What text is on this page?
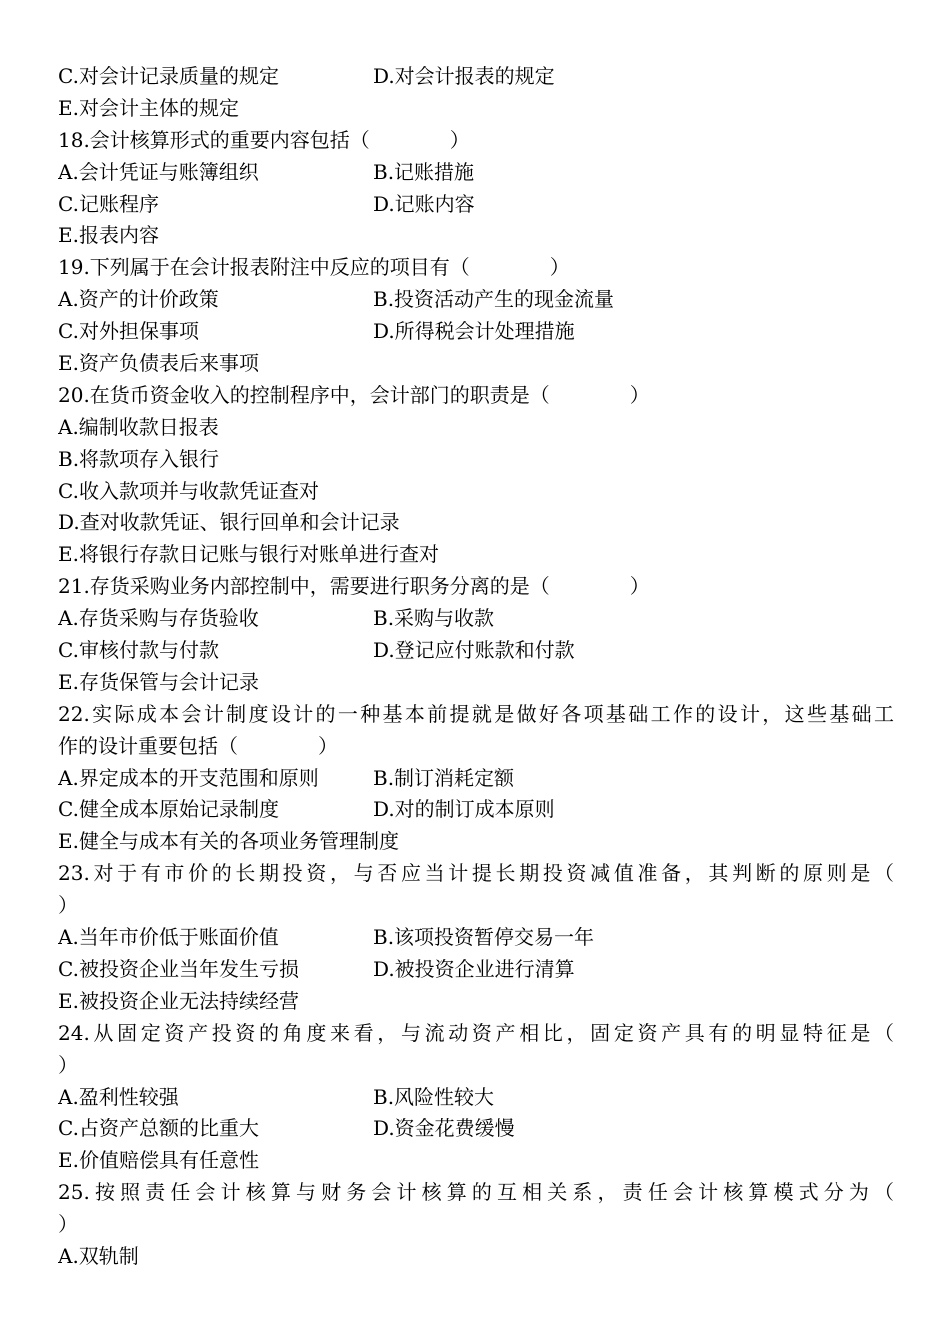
C.对会计记录质量的规定	D.对会计报表的规定
E.对会计主体的规定
18.会计核算形式的重要内容包括（　　　　）
A.会计凭证与账簿组织	B.记账措施
C.记账程序	D.记账内容
E.报表内容
19.下列属于在会计报表附注中反应的项目有（　　　　）
A.资产的计价政策	B.投资活动产生的现金流量
C.对外担保事项	D.所得税会计处理措施
E.资产负债表后来事项
20.在货币资金收入的控制程序中，会计部门的职责是（　　　　）
A.编制收款日报表
B.将款项存入银行
C.收入款项并与收款凭证查对
D.查对收款凭证、银行回单和会计记录
E.将银行存款日记账与银行对账单进行查对
21.存货采购业务内部控制中，需要进行职务分离的是（　　　　）
A.存货采购与存货验收	B.采购与收款
C.审核付款与付款	D.登记应付账款和付款
E.存货保管与会计记录
22.实际成本会计制度设计的一种基本前提就是做好各项基础工作的设计，这些基础工
作的设计重要包括（　　　　）
A.界定成本的开支范围和原则	B.制订消耗定额
C.健全成本原始记录制度	D.对的制订成本原则
E.健全与成本有关的各项业务管理制度
23.对于有市价的长期投资，与否应当计提长期投资减值准备，其判断的原则是（
）
A.当年市价低于账面价值	B.该项投资暂停交易一年
C.被投资企业当年发生亏损	D.被投资企业进行清算
E.被投资企业无法持续经营
24.从固定资产投资的角度来看，与流动资产相比，固定资产具有的明显特征是（
）
A.盈利性较强	B.风险性较大
C.占资产总额的比重大	D.资金花费缓慢
E.价值赔偿具有任意性
25.按照责任会计核算与财务会计核算的互相关系，责任会计核算模式分为（
）
A.双轨制
